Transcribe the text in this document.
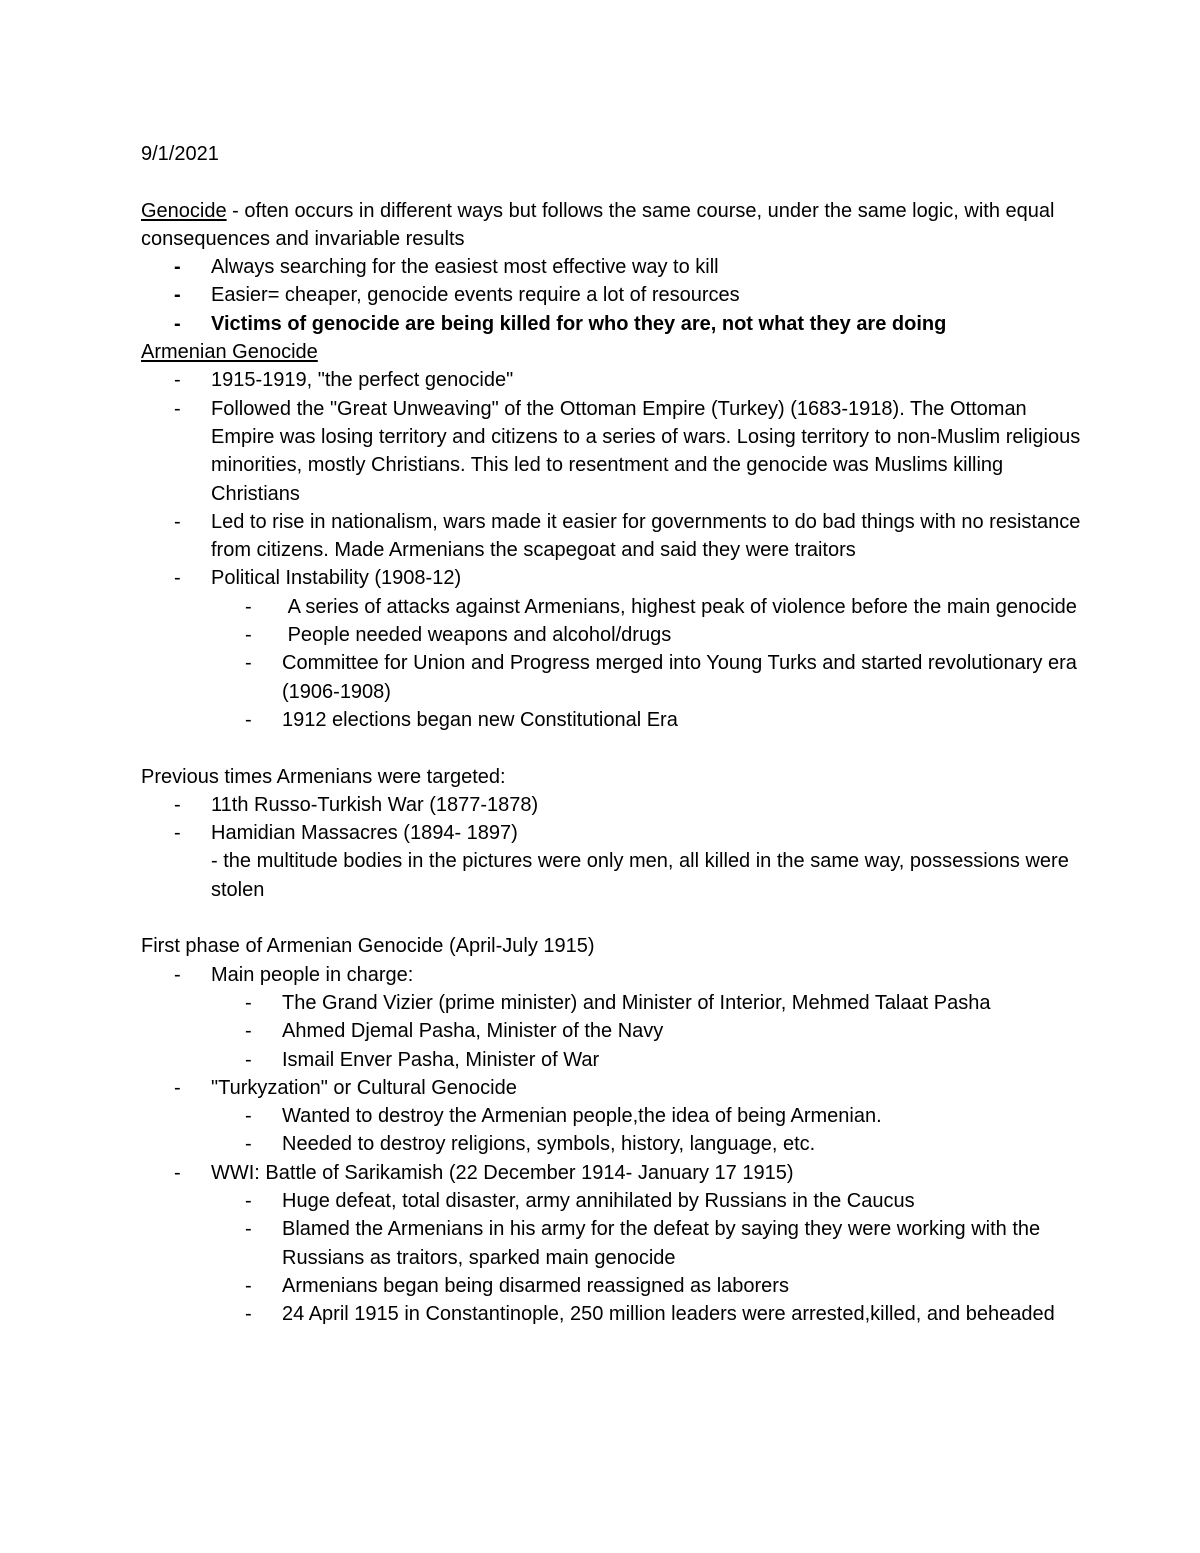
9/1/2021
Genocide - often occurs in different ways but follows the same course, under the same logic, with equal consequences and invariable results
- Always searching for the easiest most effective way to kill
- Easier= cheaper, genocide events require a lot of resources
- Victims of genocide are being killed for who they are, not what they are doing
Armenian Genocide
- 1915-1919, "the perfect genocide"
- Followed the "Great Unweaving" of the Ottoman Empire (Turkey) (1683-1918). The Ottoman Empire was losing territory and citizens to a series of wars. Losing territory to non-Muslim religious minorities, mostly Christians. This led to resentment and the genocide was Muslims killing Christians
- Led to rise in nationalism, wars made it easier for governments to do bad things with no resistance from citizens. Made Armenians the scapegoat and said they were traitors
- Political Instability (1908-12)
- A series of attacks against Armenians, highest peak of violence before the main genocide
- People needed weapons and alcohol/drugs
- Committee for Union and Progress merged into Young Turks and started revolutionary era (1906-1908)
- 1912 elections began new Constitutional Era
Previous times Armenians were targeted:
- 11th Russo-Turkish War (1877-1878)
- Hamidian Massacres (1894- 1897)
- the multitude bodies in the pictures were only men, all killed in the same way, possessions were stolen
First phase of Armenian Genocide (April-July 1915)
- Main people in charge:
- The Grand Vizier (prime minister) and Minister of Interior, Mehmed Talaat Pasha
- Ahmed Djemal Pasha, Minister of the Navy
- Ismail Enver Pasha, Minister of War
- "Turkyzation" or Cultural Genocide
- Wanted to destroy the Armenian people,the idea of being Armenian.
- Needed to destroy religions, symbols, history, language, etc.
- WWI: Battle of Sarikamish (22 December 1914- January 17 1915)
- Huge defeat, total disaster, army annihilated by Russians in the Caucus
- Blamed the Armenians in his army for the defeat by saying they were working with the Russians as traitors, sparked main genocide
- Armenians began being disarmed reassigned as laborers
- 24 April 1915 in Constantinople, 250 million leaders were arrested,killed, and beheaded
